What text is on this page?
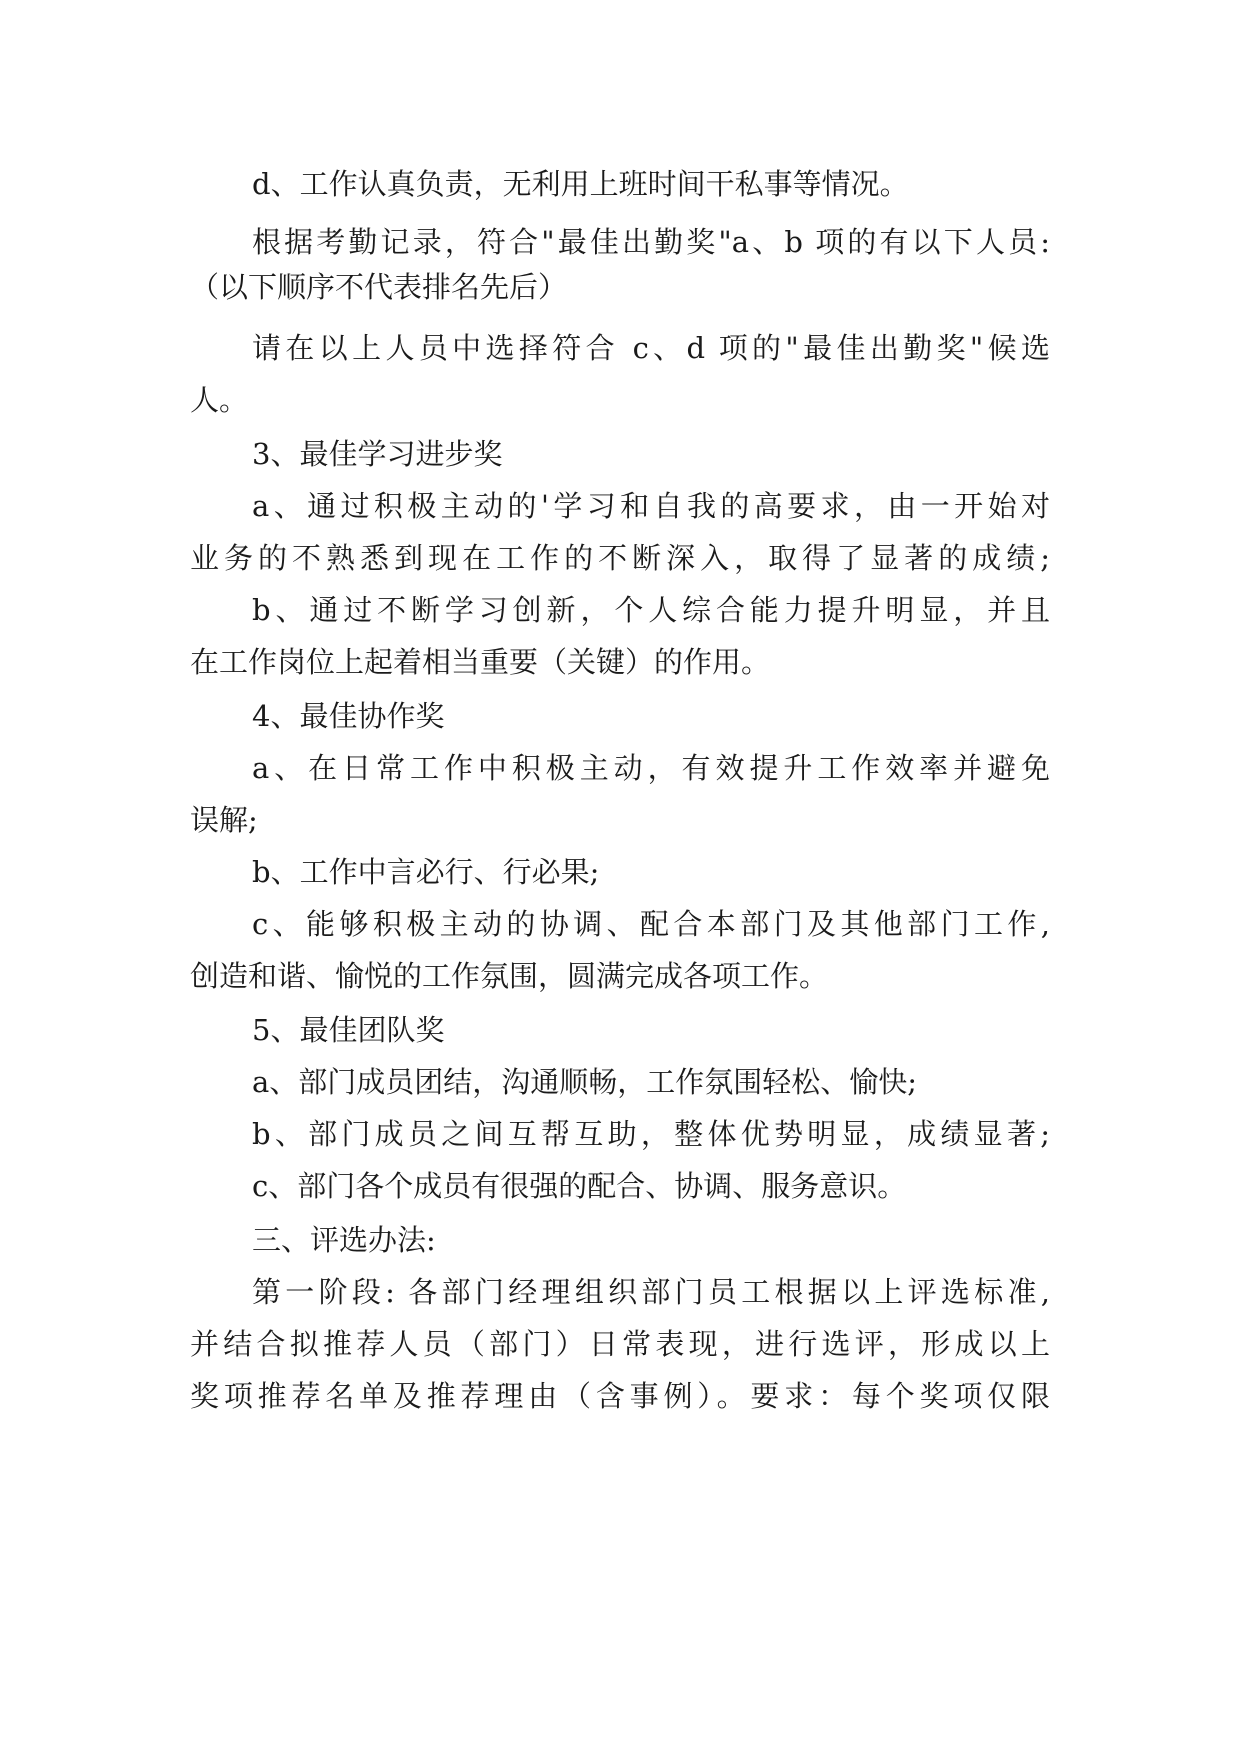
d、工作认真负责，无利用上班时间干私事等情况。
根据考勤记录，符合"最佳出勤奖"a、b 项的有以下人员:
（以下顺序不代表排名先后）
请在以上人员中选择符合 c、d 项的"最佳出勤奖"候选
人。
3、最佳学习进步奖
a、通过积极主动的'学习和自我的高要求，由一开始对
业务的不熟悉到现在工作的不断深入，取得了显著的成绩;
b、通过不断学习创新，个人综合能力提升明显，并且
在工作岗位上起着相当重要（关键）的作用。
4、最佳协作奖
a、在日常工作中积极主动，有效提升工作效率并避免
误解;
b、工作中言必行、行必果;
c、能够积极主动的协调、配合本部门及其他部门工作,
创造和谐、愉悦的工作氛围，圆满完成各项工作。
5、最佳团队奖
a、部门成员团结，沟通顺畅，工作氛围轻松、愉快;
b、部门成员之间互帮互助，整体优势明显，成绩显著;
c、部门各个成员有很强的配合、协调、服务意识。
三、评选办法:
第一阶段: 各部门经理组织部门员工根据以上评选标准,
并结合拟推荐人员（部门）日常表现，进行选评，形成以上
奖项推荐名单及推荐理由（含事例）。要求：每个奖项仅限
